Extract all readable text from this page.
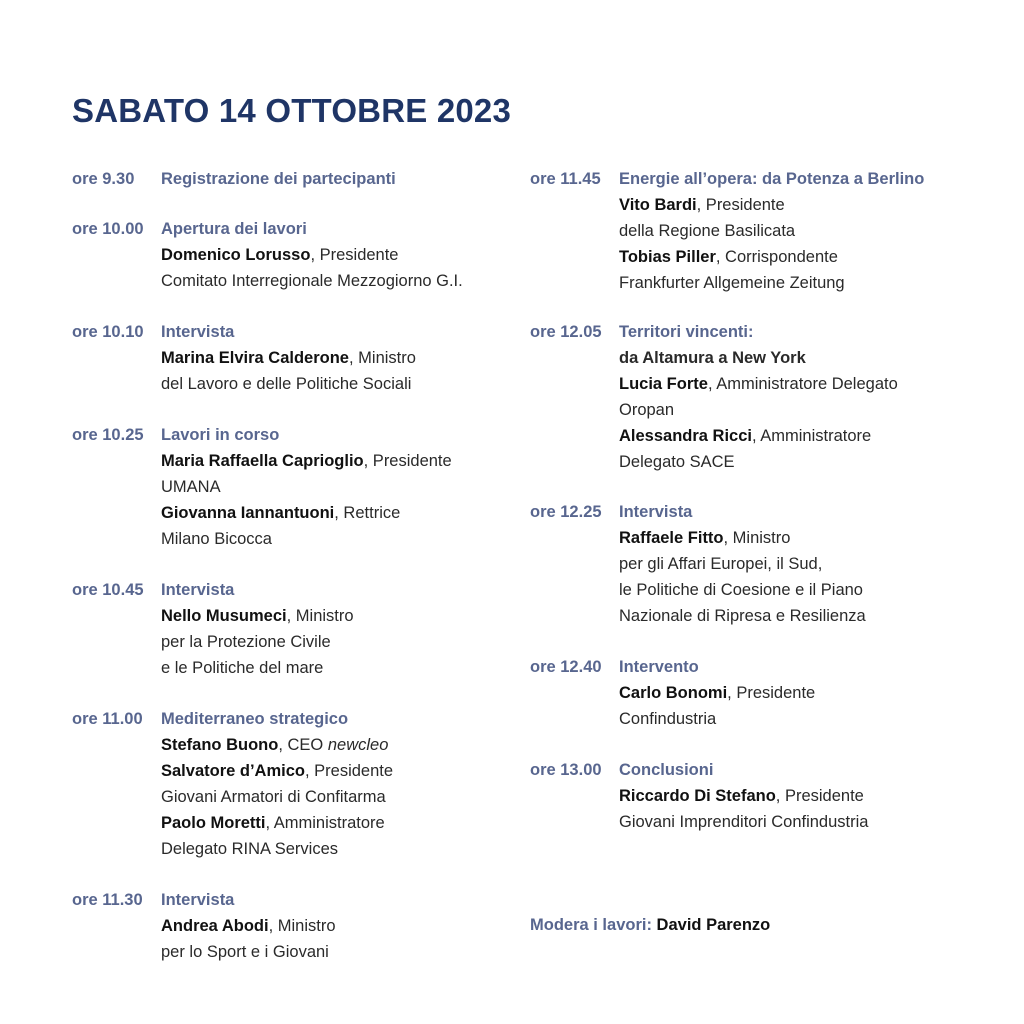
SABATO 14 OTTOBRE 2023
ore 9.30	Registrazione dei partecipanti
ore 10.00	Apertura dei lavori
Domenico Lorusso, Presidente
Comitato Interregionale Mezzogiorno G.I.
ore 10.10	Intervista
Marina Elvira Calderone, Ministro
del Lavoro e delle Politiche Sociali
ore 10.25	Lavori in corso
Maria Raffaella Caprioglio, Presidente
UMANA
Giovanna Iannantuoni, Rettrice
Milano Bicocca
ore 10.45	Intervista
Nello Musumeci, Ministro
per la Protezione Civile
e le Politiche del mare
ore 11.00	Mediterraneo strategico
Stefano Buono, CEO newcleo
Salvatore d’Amico, Presidente
Giovani Armatori di Confitarma
Paolo Moretti, Amministratore
Delegato RINA Services
ore 11.30	Intervista
Andrea Abodi, Ministro
per lo Sport e i Giovani
ore 11.45	Energie all’opera: da Potenza a Berlino
Vito Bardi, Presidente
della Regione Basilicata
Tobias Piller, Corrispondente
Frankfurter Allgemeine Zeitung
ore 12.05	Territori vincenti:
da Altamura a New York
Lucia Forte, Amministratore Delegato
Oropan
Alessandra Ricci, Amministratore
Delegato SACE
ore 12.25	Intervista
Raffaele Fitto, Ministro
per gli Affari Europei, il Sud,
le Politiche di Coesione e il Piano
Nazionale di Ripresa e Resilienza
ore 12.40	Intervento
Carlo Bonomi, Presidente
Confindustria
ore 13.00	Conclusioni
Riccardo Di Stefano, Presidente
Giovani Imprenditori Confindustria
Modera i lavori: David Parenzo
